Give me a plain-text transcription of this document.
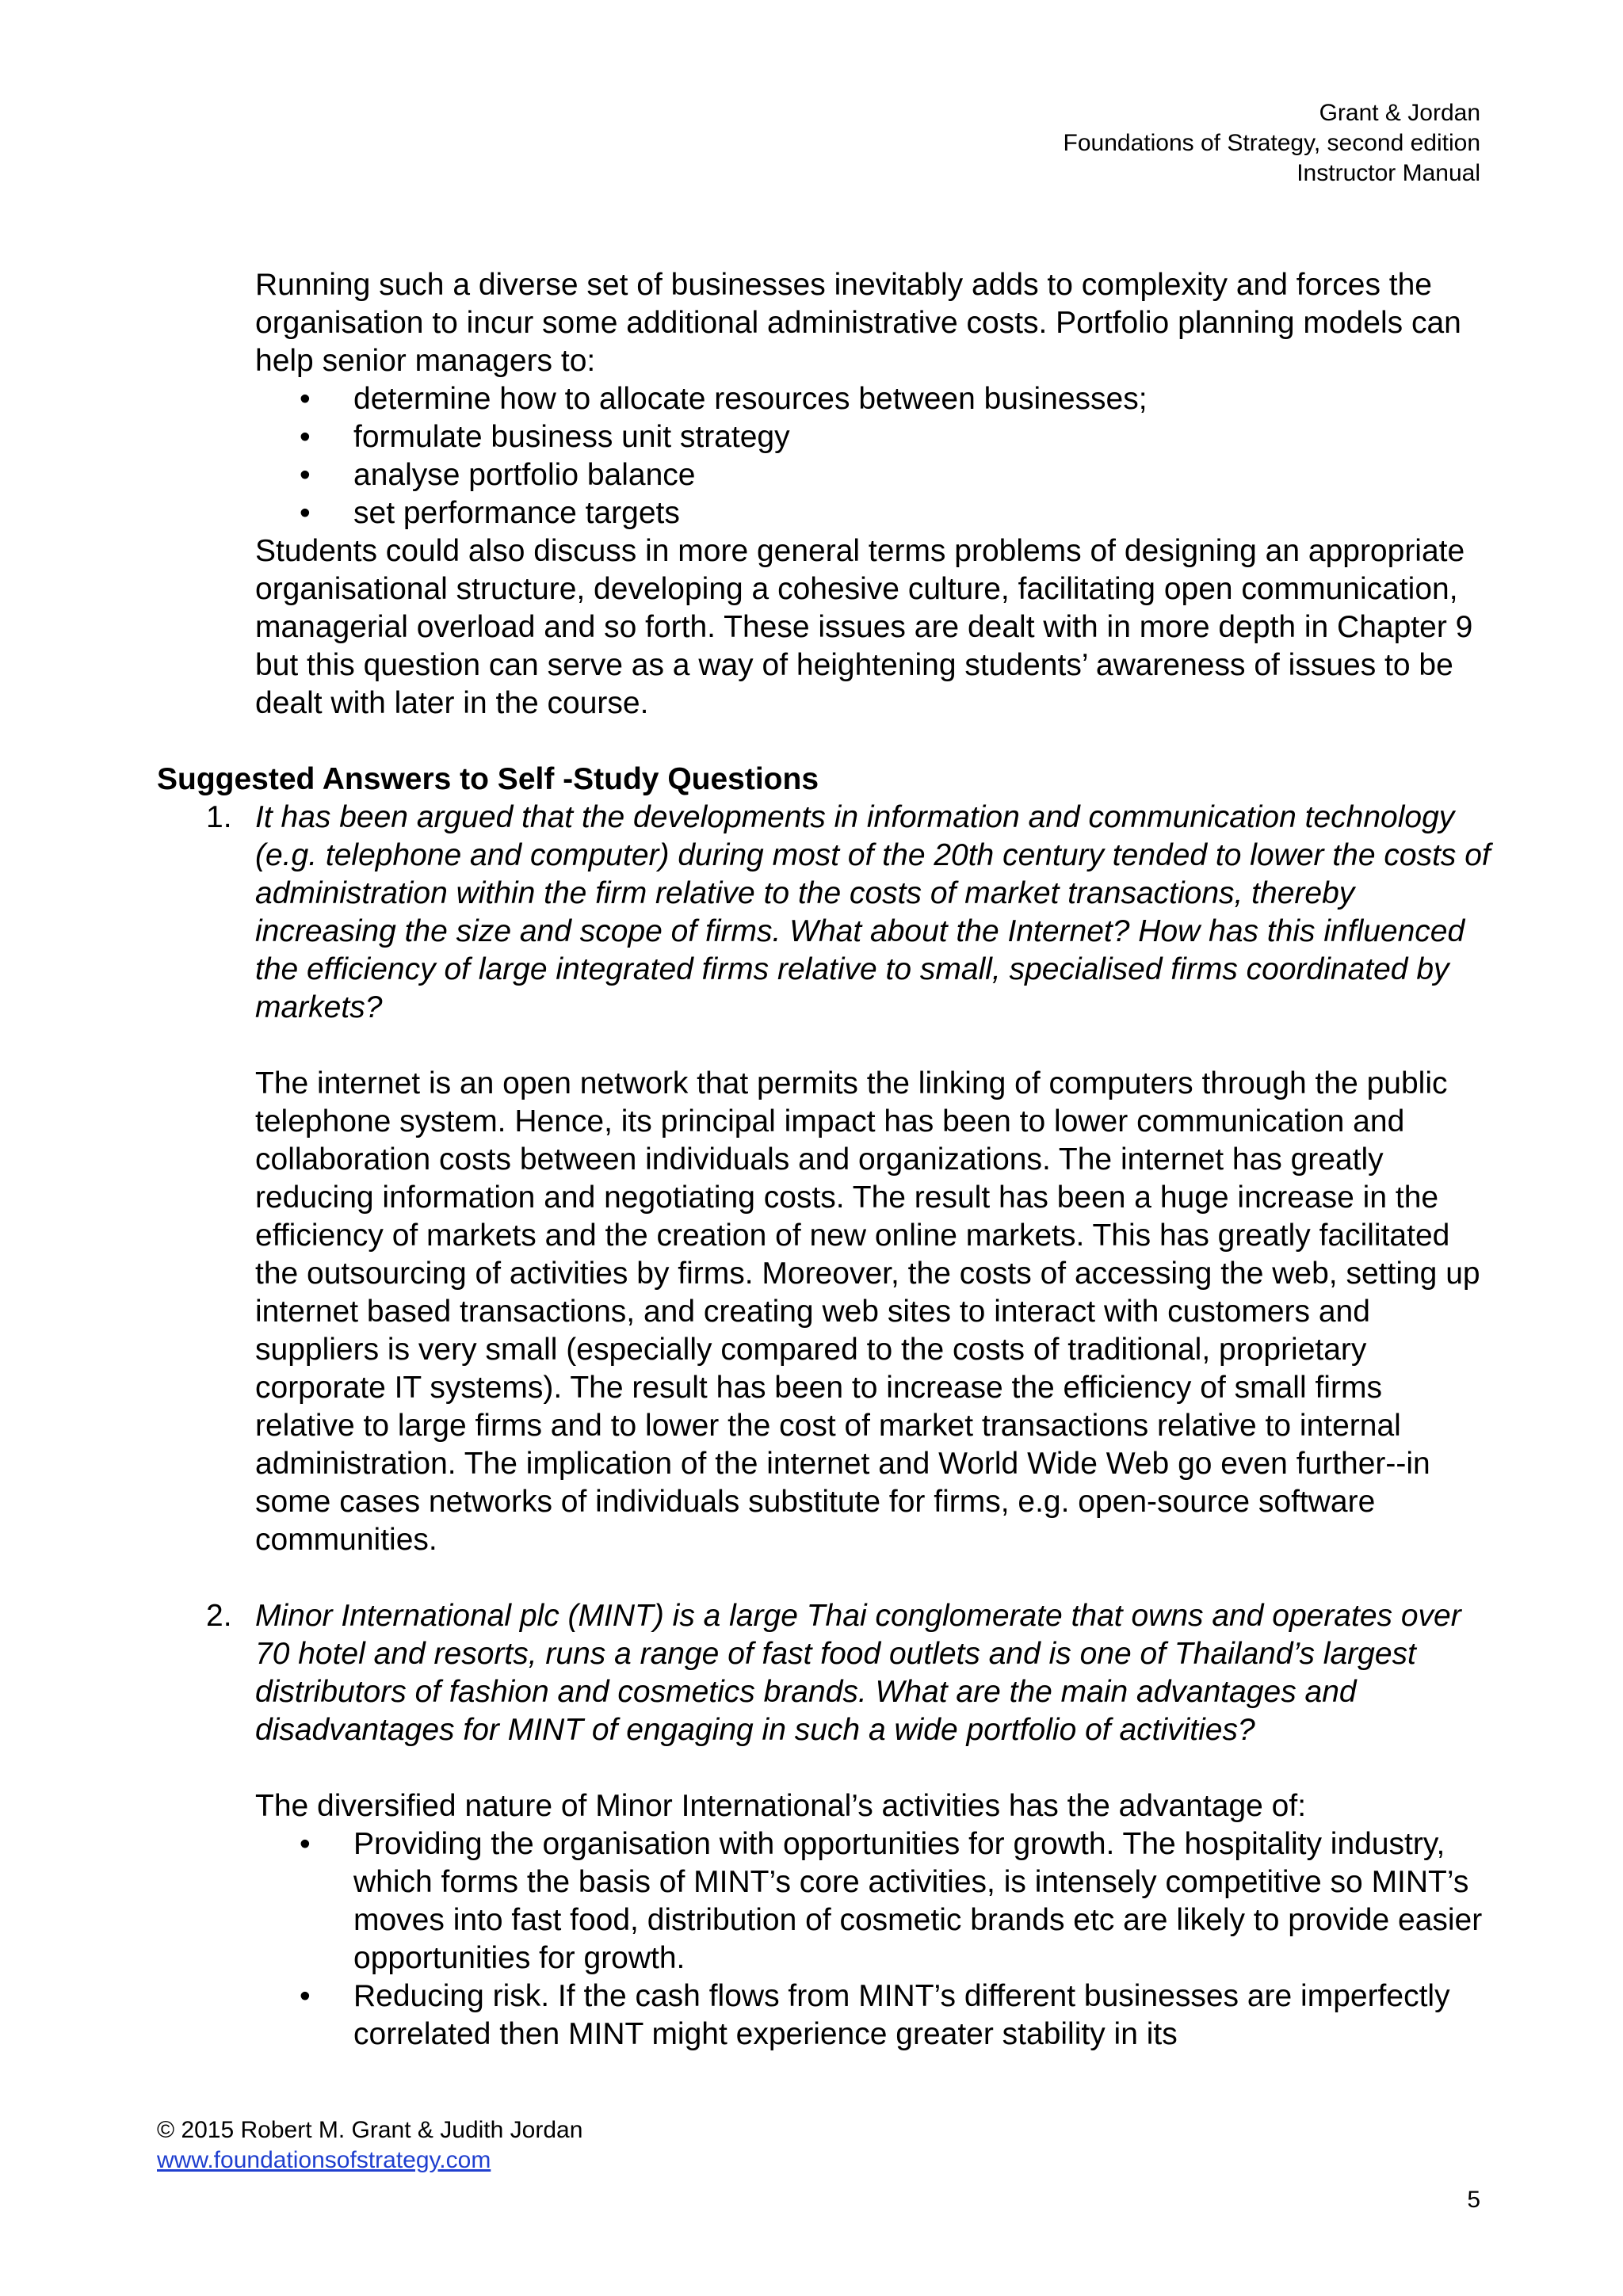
Grant & Jordan
Foundations of Strategy, second edition
Instructor Manual
Running such a diverse set of businesses inevitably adds to complexity and forces the organisation to incur some additional administrative costs. Portfolio planning models can help senior managers to:
• determine how to allocate resources between businesses;
• formulate business unit strategy
• analyse portfolio balance
• set performance targets
Students could also discuss in more general terms problems of designing an appropriate organisational structure, developing a cohesive culture, facilitating open communication, managerial overload and so forth. These issues are dealt with in more depth in Chapter 9 but this question can serve as a way of heightening students’ awareness of issues to be dealt with later in the course.
Suggested Answers to Self -Study Questions
1. It has been argued that the developments in information and communication technology (e.g. telephone and computer) during most of the 20th century tended to lower the costs of administration within the firm relative to the costs of market transactions, thereby increasing the size and scope of firms. What about the Internet? How has this influenced the efficiency of large integrated firms relative to small, specialised firms coordinated by markets?
The internet is an open network that permits the linking of computers through the public telephone system. Hence, its principal impact has been to lower communication and collaboration costs between individuals and organizations. The internet has greatly reducing information and negotiating costs. The result has been a huge increase in the efficiency of markets and the creation of new online markets. This has greatly facilitated the outsourcing of activities by firms. Moreover, the costs of accessing the web, setting up internet based transactions, and creating web sites to interact with customers and suppliers is very small (especially compared to the costs of traditional, proprietary corporate IT systems). The result has been to increase the efficiency of small firms relative to large firms and to lower the cost of market transactions relative to internal administration. The implication of the internet and World Wide Web go even further--in some cases networks of individuals substitute for firms, e.g. open-source software communities.
2. Minor International plc (MINT) is a large Thai conglomerate that owns and operates over 70 hotel and resorts, runs a range of fast food outlets and is one of Thailand’s largest distributors of fashion and cosmetics brands. What are the main advantages and disadvantages for MINT of engaging in such a wide portfolio of activities?
The diversified nature of Minor International’s activities has the advantage of:
• Providing the organisation with opportunities for growth. The hospitality industry, which forms the basis of MINT’s core activities, is intensely competitive so MINT’s moves into fast food, distribution of cosmetic brands etc are likely to provide easier opportunities for growth.
• Reducing risk. If the cash flows from MINT’s different businesses are imperfectly correlated then MINT might experience greater stability in its
© 2015 Robert M. Grant & Judith Jordan
www.foundationsofstrategy.com
5
